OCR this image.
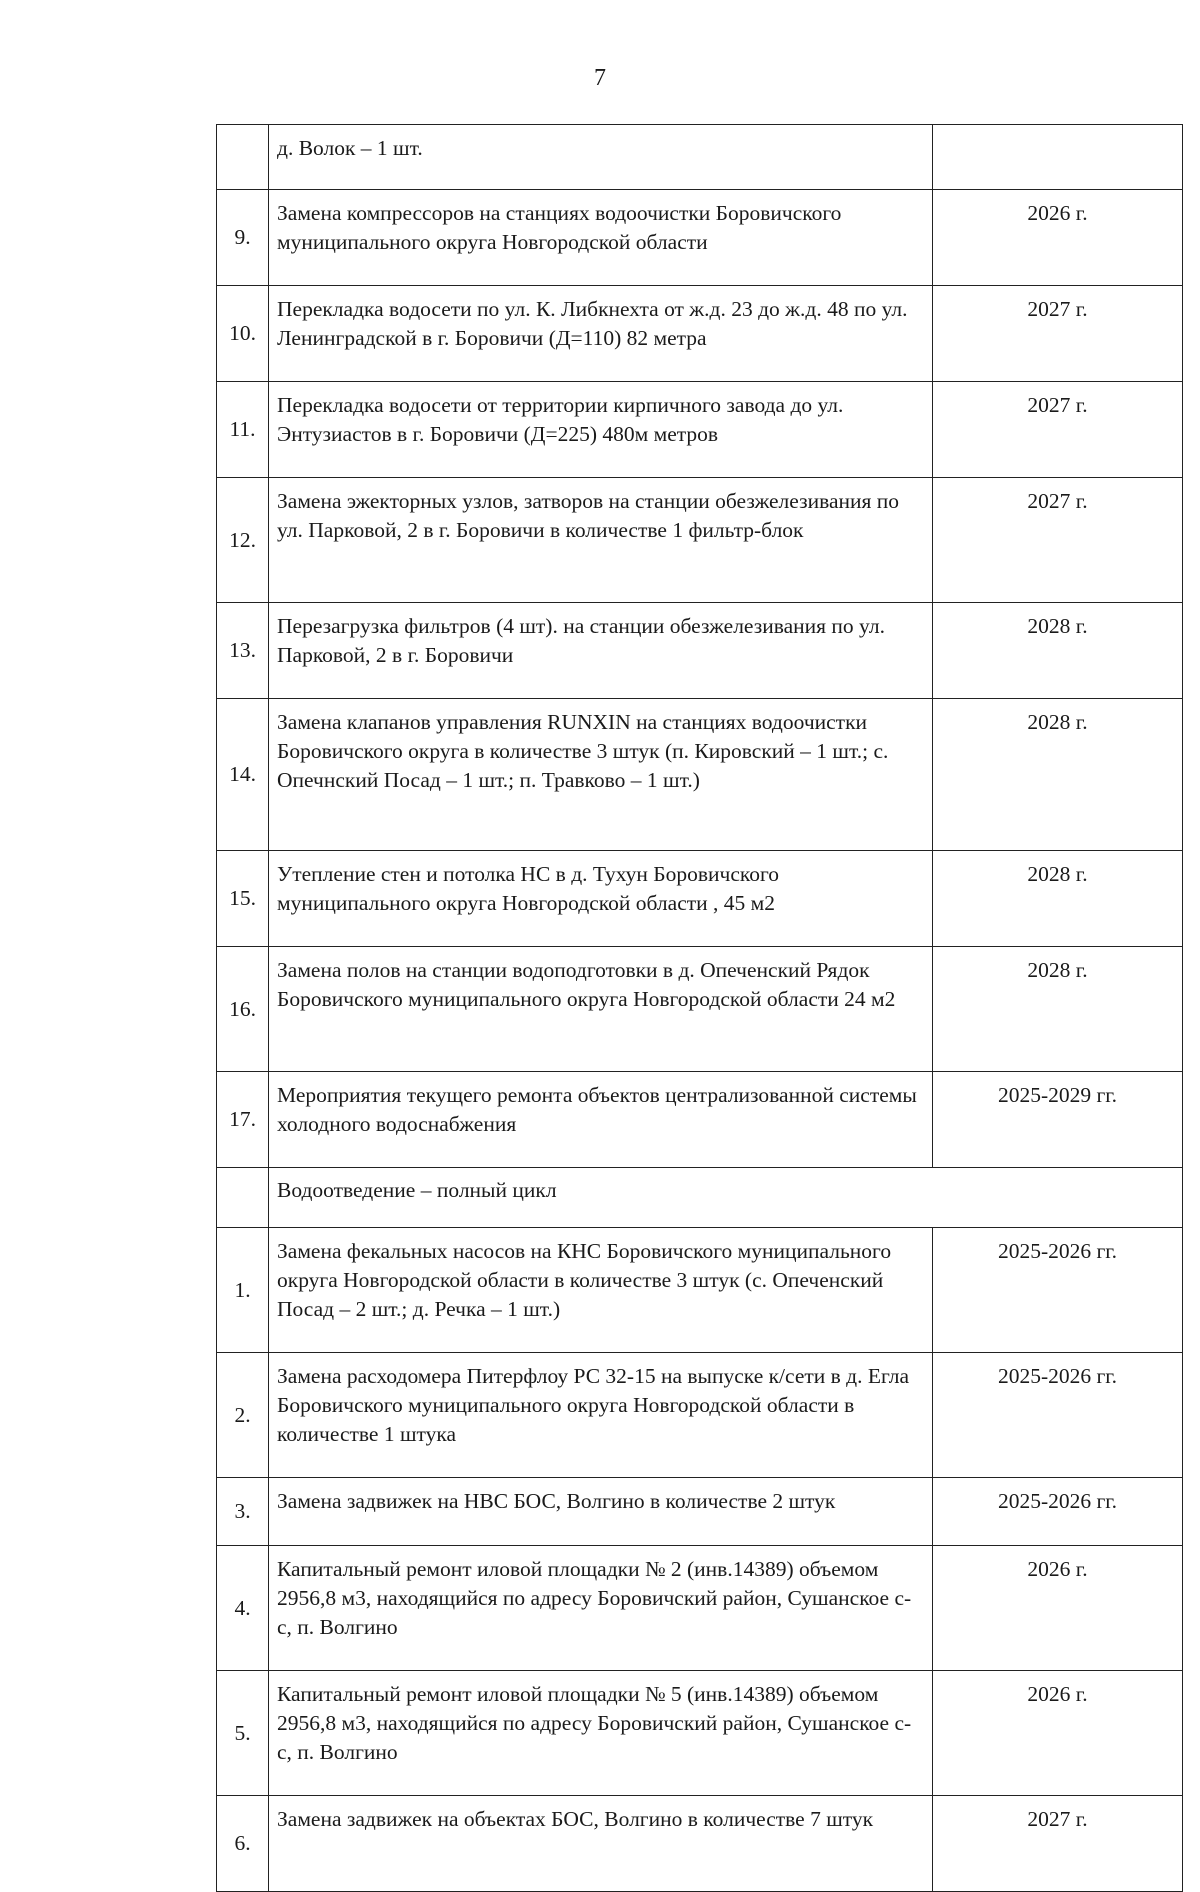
7
	д. Волок – 1 шт.	
9.	Замена компрессоров на станциях водоочистки Боровичского муниципального округа Новгородской области	2026 г.
10.	Перекладка водосети по ул. К. Либкнехта от ж.д. 23 до ж.д. 48 по ул. Ленинградской в г. Боровичи (Д=110) 82 метра	2027 г.
11.	Перекладка водосети от территории кирпичного завода до ул. Энтузиастов в г. Боровичи (Д=225) 480м метров	2027 г.
12.	Замена эжекторных узлов, затворов на станции обезжелезивания по ул. Парковой, 2 в г. Боровичи в количестве 1 фильтр-блок	2027 г.
13.	Перезагрузка фильтров (4 шт). на станции обезжелезивания по ул. Парковой, 2 в г. Боровичи	2028 г.
14.	Замена клапанов управления RUNXIN на станциях водоочистки Боровичского округа в количестве 3 штук (п. Кировский – 1 шт.; с. Опечнский Посад – 1 шт.; п. Травково – 1 шт.)	2028 г.
15.	Утепление стен и потолка НС в д. Тухун Боровичского муниципального округа Новгородской области , 45 м2	2028 г.
16.	Замена полов на станции водоподготовки в д. Опеченский Рядок Боровичского муниципального округа Новгородской области 24 м2	2028 г.
17.	Мероприятия текущего ремонта объектов централизованной системы холодного водоснабжения	2025-2029 гг.
	Водоотведение – полный цикл	
1.	Замена фекальных насосов на КНС Боровичского муниципального округа Новгородской области в количестве 3 штук (с. Опеченский Посад – 2 шт.; д. Речка – 1 шт.)	2025-2026 гг.
2.	Замена расходомера Питерфлоу РС 32-15 на выпуске к/сети в д. Егла Боровичского муниципального округа Новгородской области в количестве 1 штука	2025-2026 гг.
3.	Замена задвижек на НВС БОС, Волгино в количестве 2 штук	2025-2026 гг.
4.	Капитальный ремонт иловой площадки № 2 (инв.14389) объемом 2956,8 м3, находящийся по адресу Боровичский район, Сушанское с-с, п. Волгино	2026 г.
5.	Капитальный ремонт иловой площадки № 5 (инв.14389) объемом 2956,8 м3, находящийся по адресу Боровичский район, Сушанское с-с, п. Волгино	2026 г.
6.	Замена задвижек на объектах БОС, Волгино в количестве 7 штук	2027 г.
